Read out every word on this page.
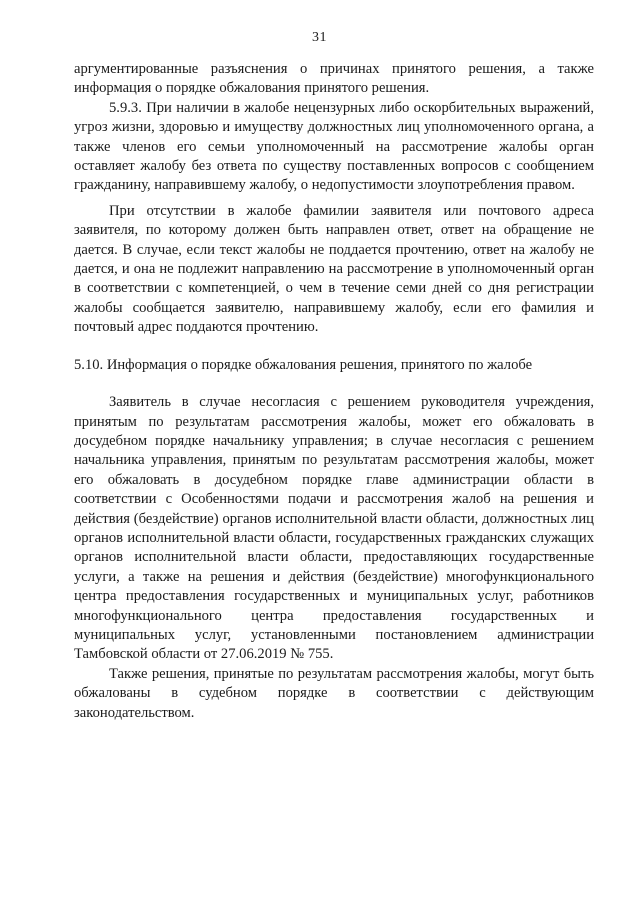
31

аргументированные разъяснения о причинах принятого решения, а также информация о порядке обжалования принятого решения.

5.9.3. При наличии в жалобе нецензурных либо оскорбительных выражений, угроз жизни, здоровью и имуществу должностных лиц уполномоченного органа, а также членов его семьи уполномоченный на рассмотрение жалобы орган оставляет жалобу без ответа по существу поставленных вопросов с сообщением гражданину, направившему жалобу, о недопустимости злоупотребления правом.

При отсутствии в жалобе фамилии заявителя или почтового адреса заявителя, по которому должен быть направлен ответ, ответ на обращение не дается. В случае, если текст жалобы не поддается прочтению, ответ на жалобу не дается, и она не подлежит направлению на рассмотрение в уполномоченный орган в соответствии с компетенцией, о чем в течение семи дней со дня регистрации жалобы сообщается заявителю, направившему жалобу, если его фамилия и почтовый адрес поддаются прочтению.

5.10. Информация о порядке обжалования решения, принятого по жалобе

Заявитель в случае несогласия с решением руководителя учреждения, принятым по результатам рассмотрения жалобы, может его обжаловать в досудебном порядке начальнику управления; в случае несогласия с решением начальника управления, принятым по результатам рассмотрения жалобы, может его обжаловать в досудебном порядке главе администрации области в соответствии с Особенностями подачи и рассмотрения жалоб на решения и действия (бездействие) органов исполнительной власти области, должностных лиц органов исполнительной власти области, государственных гражданских служащих органов исполнительной власти области, предоставляющих государственные услуги, а также на решения и действия (бездействие) многофункционального центра предоставления государственных и муниципальных услуг, работников многофункционального центра предоставления государственных и муниципальных услуг, установленными постановлением администрации Тамбовской области от 27.06.2019 № 755.

Также решения, принятые по результатам рассмотрения жалобы, могут быть обжалованы в судебном порядке в соответствии с действующим законодательством.
